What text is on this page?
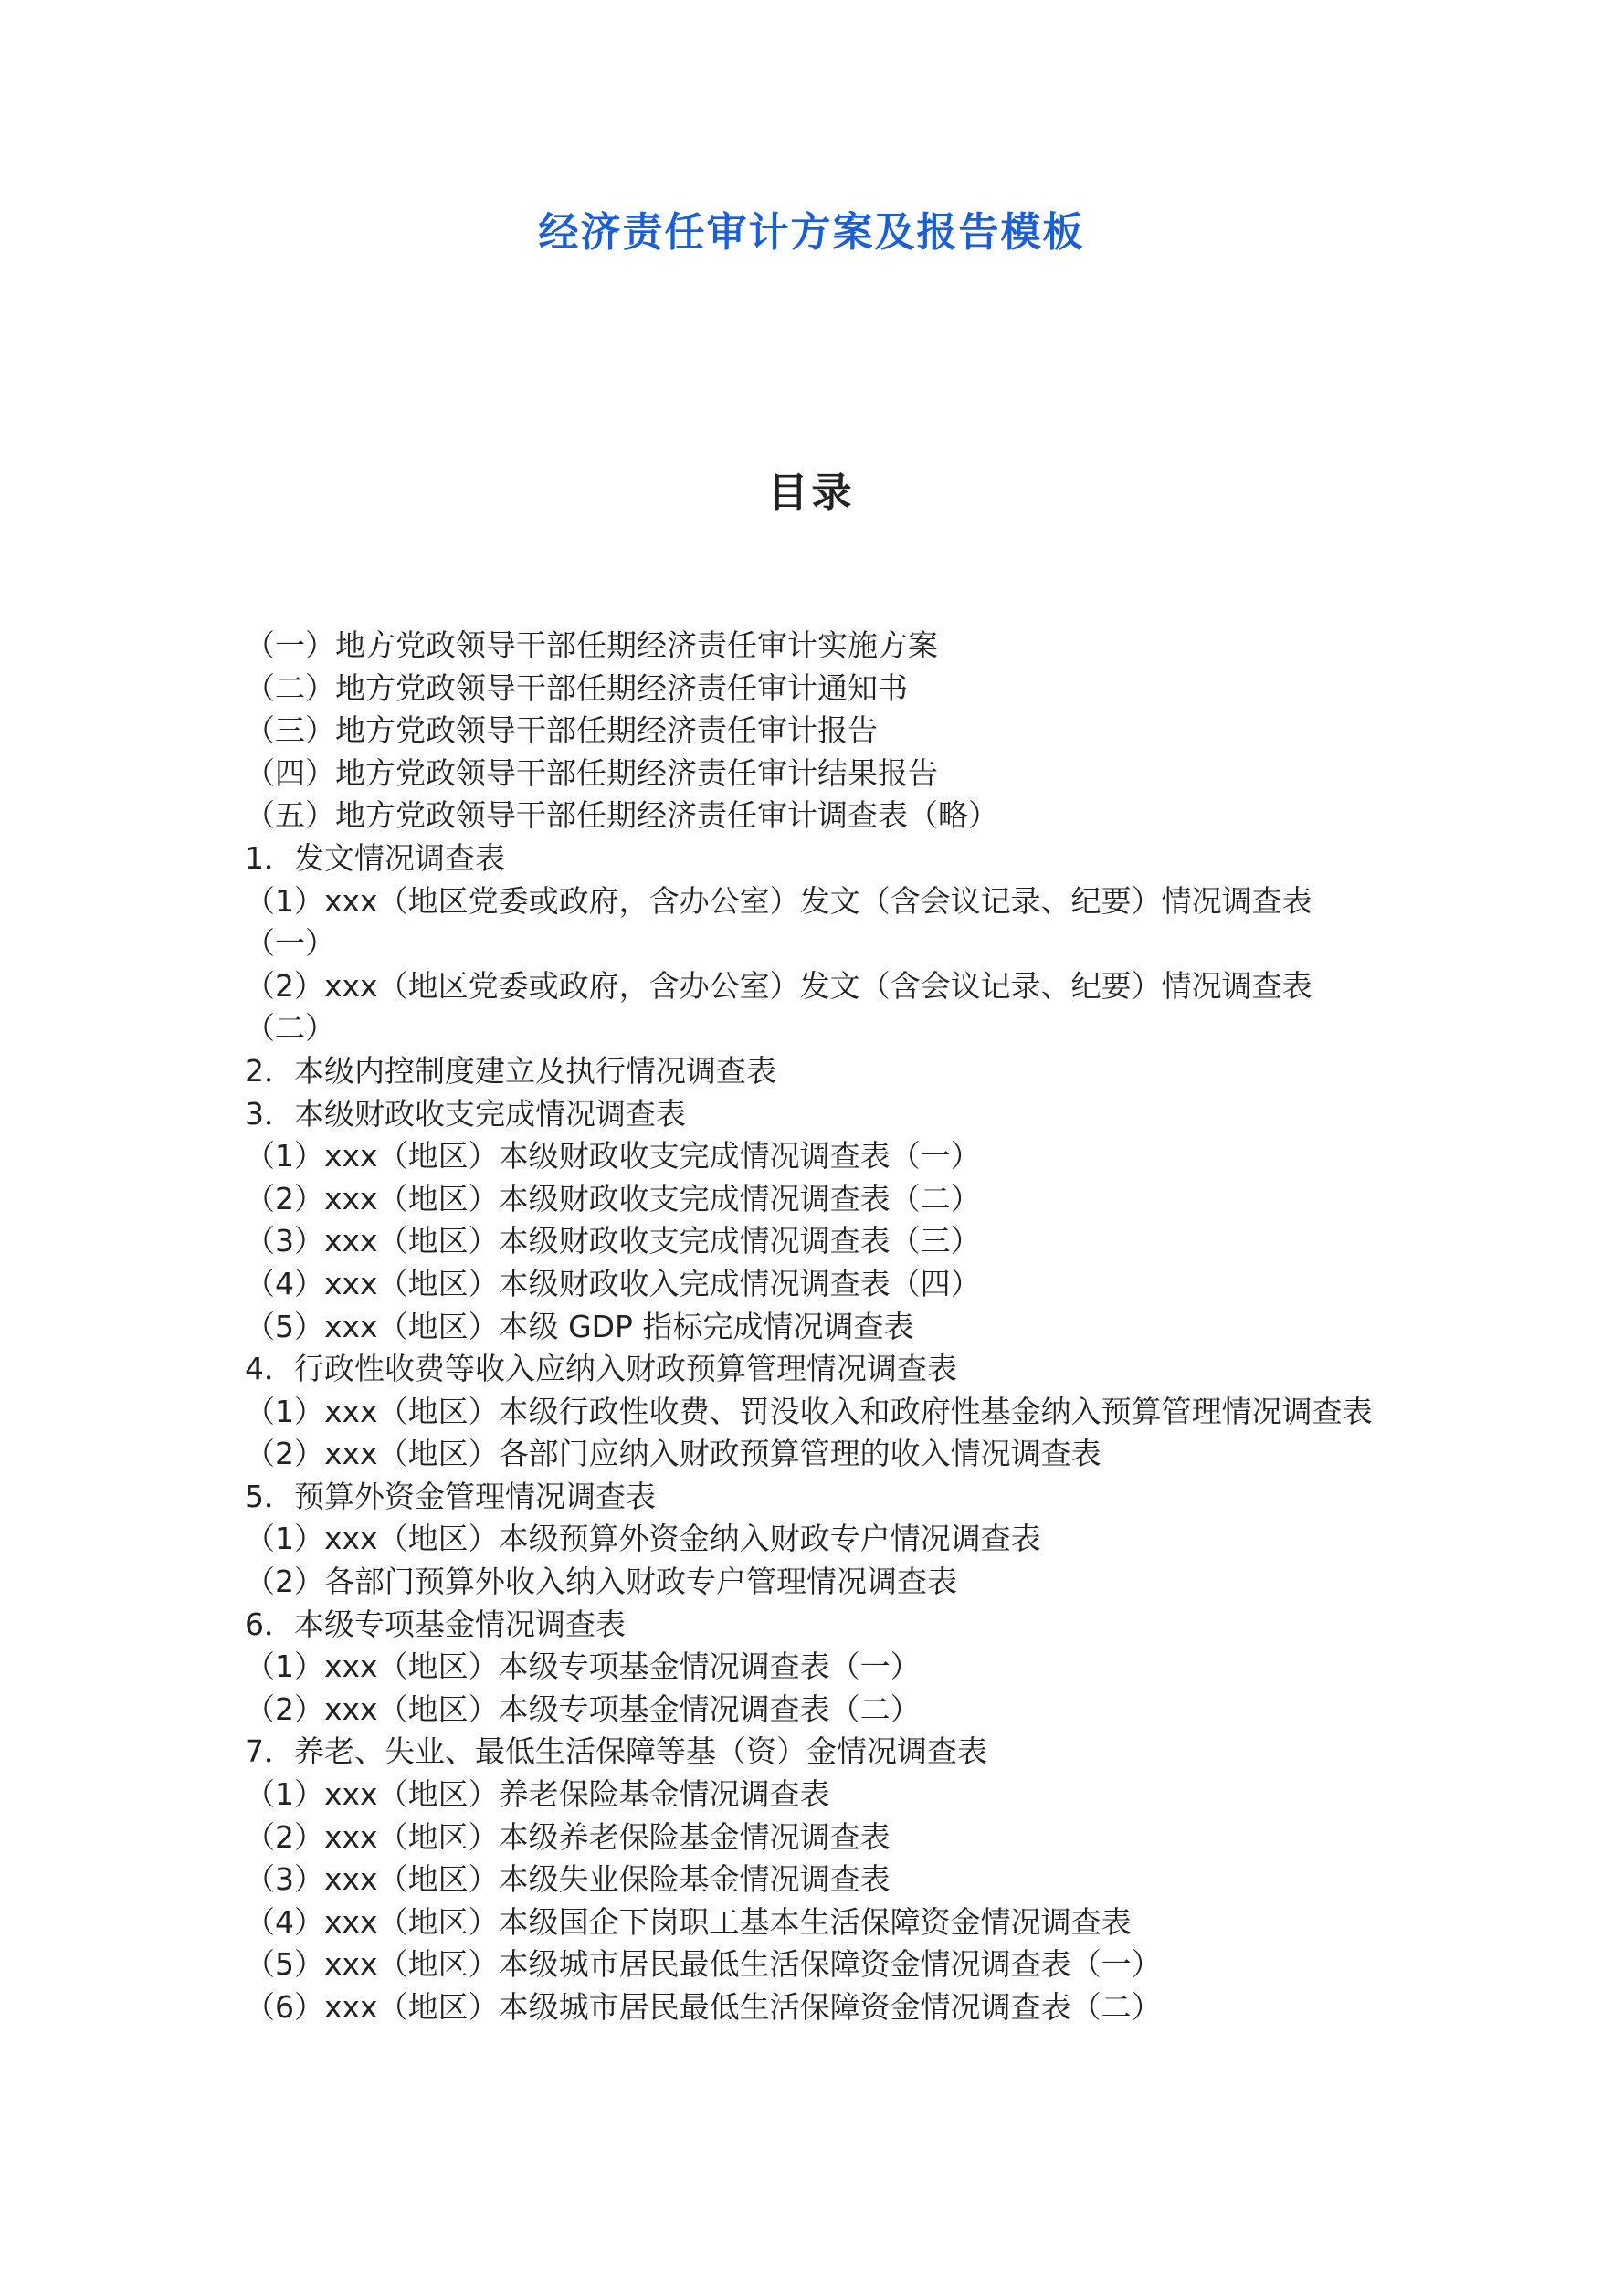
经济责任审计方案及报告模板
目录
（一）地方党政领导干部任期经济责任审计实施方案
（二）地方党政领导干部任期经济责任审计通知书
（三）地方党政领导干部任期经济责任审计报告
（四）地方党政领导干部任期经济责任审计结果报告
（五）地方党政领导干部任期经济责任审计调查表（略）
1．发文情况调查表
（1）xxx（地区党委或政府，含办公室）发文（含会议记录、纪要）情况调查表（一）
（2）xxx（地区党委或政府，含办公室）发文（含会议记录、纪要）情况调查表（二）
2．本级内控制度建立及执行情况调查表
3．本级财政收支完成情况调查表
（1）xxx（地区）本级财政收支完成情况调查表（一）
（2）xxx（地区）本级财政收支完成情况调查表（二）
（3）xxx（地区）本级财政收支完成情况调查表（三）
（4）xxx（地区）本级财政收入完成情况调查表（四）
（5）xxx（地区）本级 GDP 指标完成情况调查表
4．行政性收费等收入应纳入财政预算管理情况调查表
（1）xxx（地区）本级行政性收费、罚没收入和政府性基金纳入预算管理情况调查表
（2）xxx（地区）各部门应纳入财政预算管理的收入情况调查表
5．预算外资金管理情况调查表
（1）xxx（地区）本级预算外资金纳入财政专户情况调查表
（2）各部门预算外收入纳入财政专户管理情况调查表
6．本级专项基金情况调查表
（1）xxx（地区）本级专项基金情况调查表（一）
（2）xxx（地区）本级专项基金情况调查表（二）
7．养老、失业、最低生活保障等基（资）金情况调查表
（1）xxx（地区）养老保险基金情况调查表
（2）xxx（地区）本级养老保险基金情况调查表
（3）xxx（地区）本级失业保险基金情况调查表
（4）xxx（地区）本级国企下岗职工基本生活保障资金情况调查表
（5）xxx（地区）本级城市居民最低生活保障资金情况调查表（一）
（6）xxx（地区）本级城市居民最低生活保障资金情况调查表（二）
